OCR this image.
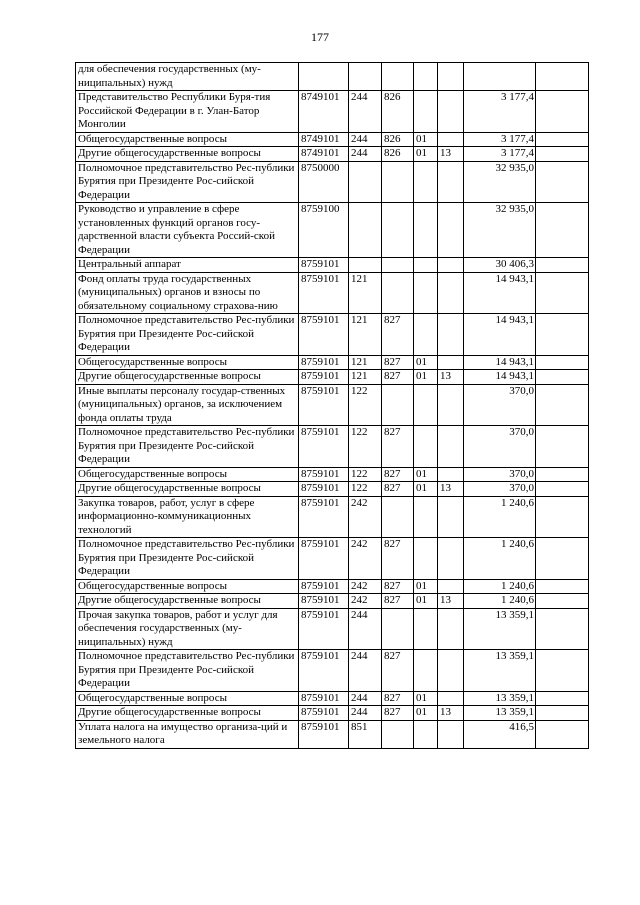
177
для обеспечения государственных (му-ниципальных) нужд							
Представительство Республики Буря-тия Российской Федерации в г. Улан-Батор Монголии	8749101	244	826			3 177,4	
Общегосударственные вопросы	8749101	244	826	01		3 177,4	
Другие общегосударственные вопросы	8749101	244	826	01	13	3 177,4	
Полномочное представительство Рес-публики Бурятия при Президенте Рос-сийской Федерации	8750000					32 935,0	
Руководство и управление в сфере установленных функций органов госу-дарственной власти субъекта Россий-ской Федерации	8759100					32 935,0	
Центральный аппарат	8759101					30 406,3	
Фонд оплаты труда государственных (муниципальных) органов и взносы по обязательному социальному страхова-нию	8759101	121				14 943,1	
Полномочное представительство Рес-публики Бурятия при Президенте Рос-сийской Федерации	8759101	121	827			14 943,1	
Общегосударственные вопросы	8759101	121	827	01		14 943,1	
Другие общегосударственные вопросы	8759101	121	827	01	13	14 943,1	
Иные выплаты персоналу государ-ственных (муниципальных) органов, за исключением фонда оплаты труда	8759101	122				370,0	
Полномочное представительство Рес-публики Бурятия при Президенте Рос-сийской Федерации	8759101	122	827			370,0	
Общегосударственные вопросы	8759101	122	827	01		370,0	
Другие общегосударственные вопросы	8759101	122	827	01	13	370,0	
Закупка товаров, работ, услуг в сфере информационно-коммуникационных технологий	8759101	242				1 240,6	
Полномочное представительство Рес-публики Бурятия при Президенте Рос-сийской Федерации	8759101	242	827			1 240,6	
Общегосударственные вопросы	8759101	242	827	01		1 240,6	
Другие общегосударственные вопросы	8759101	242	827	01	13	1 240,6	
Прочая закупка товаров, работ и услуг для обеспечения государственных (му-ниципальных) нужд	8759101	244				13 359,1	
Полномочное представительство Рес-публики Бурятия при Президенте Рос-сийской Федерации	8759101	244	827			13 359,1	
Общегосударственные вопросы	8759101	244	827	01		13 359,1	
Другие общегосударственные вопросы	8759101	244	827	01	13	13 359,1	
Уплата налога на имущество организа-ций и земельного налога	8759101	851				416,5	
